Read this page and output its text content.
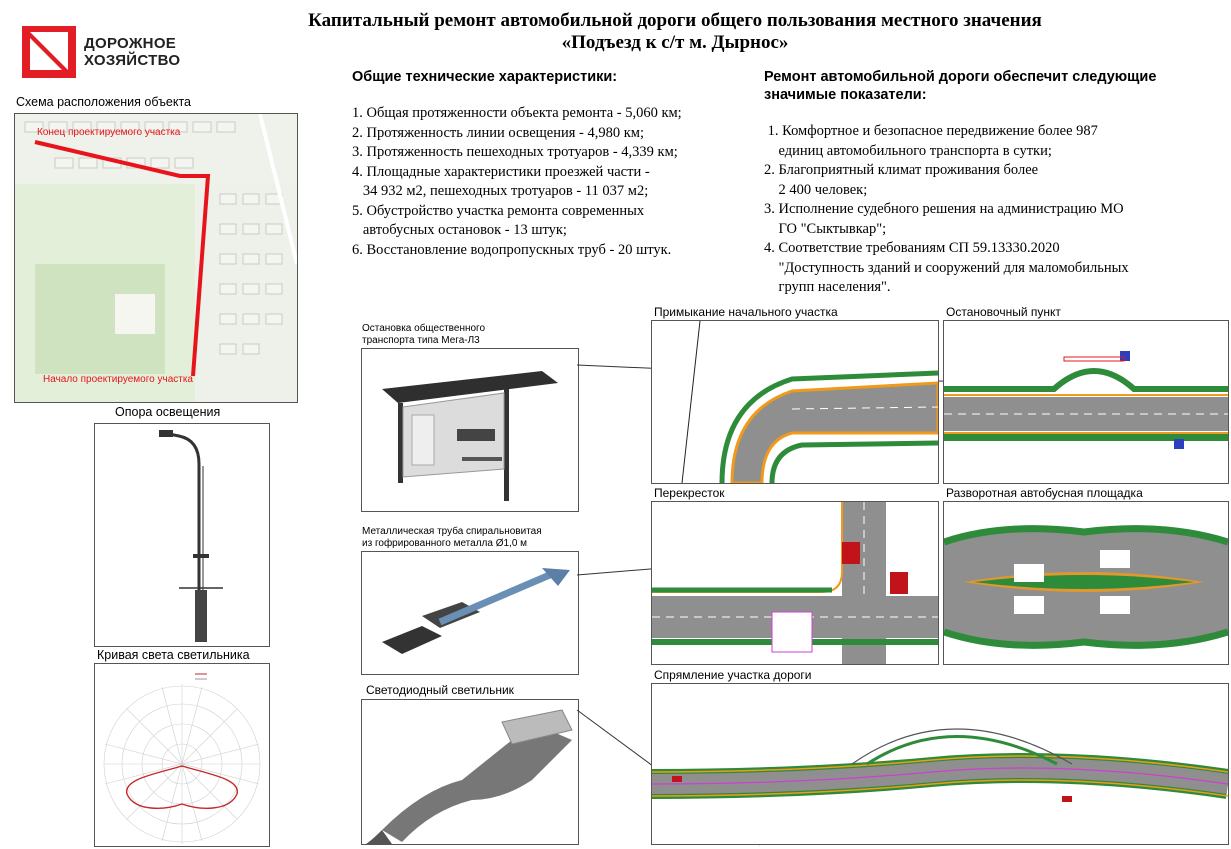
Капитальный ремонт автомобильной дороги общего пользования местного значения
«Подъезд к с/т м. Дырнос»
ДОРОЖНОЕ
ХОЗЯЙСТВО
Схема расположения объекта
Конец проектируемого участка
Начало проектируемого участка
Опора освещения
Кривая света светильника
Общие технические характеристики:
1. Общая протяженности объекта ремонта - 5,060 км;
2. Протяженность линии освещения - 4,980 км;
3. Протяженность пешеходных тротуаров - 4,339 км;
4. Площадные характеристики проезжей части -
34 932 м2, пешеходных тротуаров - 11 037 м2;
5. Обустройство участка ремонта современных
автобусных остановок - 13 штук;
6. Восстановление водопропускных труб - 20 штук.
Ремонт автомобильной дороги обеспечит следующие
значимые показатели:
1. Комфортное и безопасное передвижение более 987
единиц автомобильного транспорта в сутки;
2. Благоприятный климат проживания более
2 400 человек;
3. Исполнение судебного решения на администрацию МО
ГО "Сыктывкар";
4. Соответствие требованиям СП 59.13330.2020
"Доступность зданий и сооружений для маломобильных
групп населения".
Остановка общественного
транспорта типа Мега-Л3
Металлическая труба спиральновитая
из гофрированного металла Ø1,0 м
Светодиодный светильник
Примыкание начального участка	Остановочный пункт
Перекресток	Разворотная автобусная площадка
Спрямление участка дороги
